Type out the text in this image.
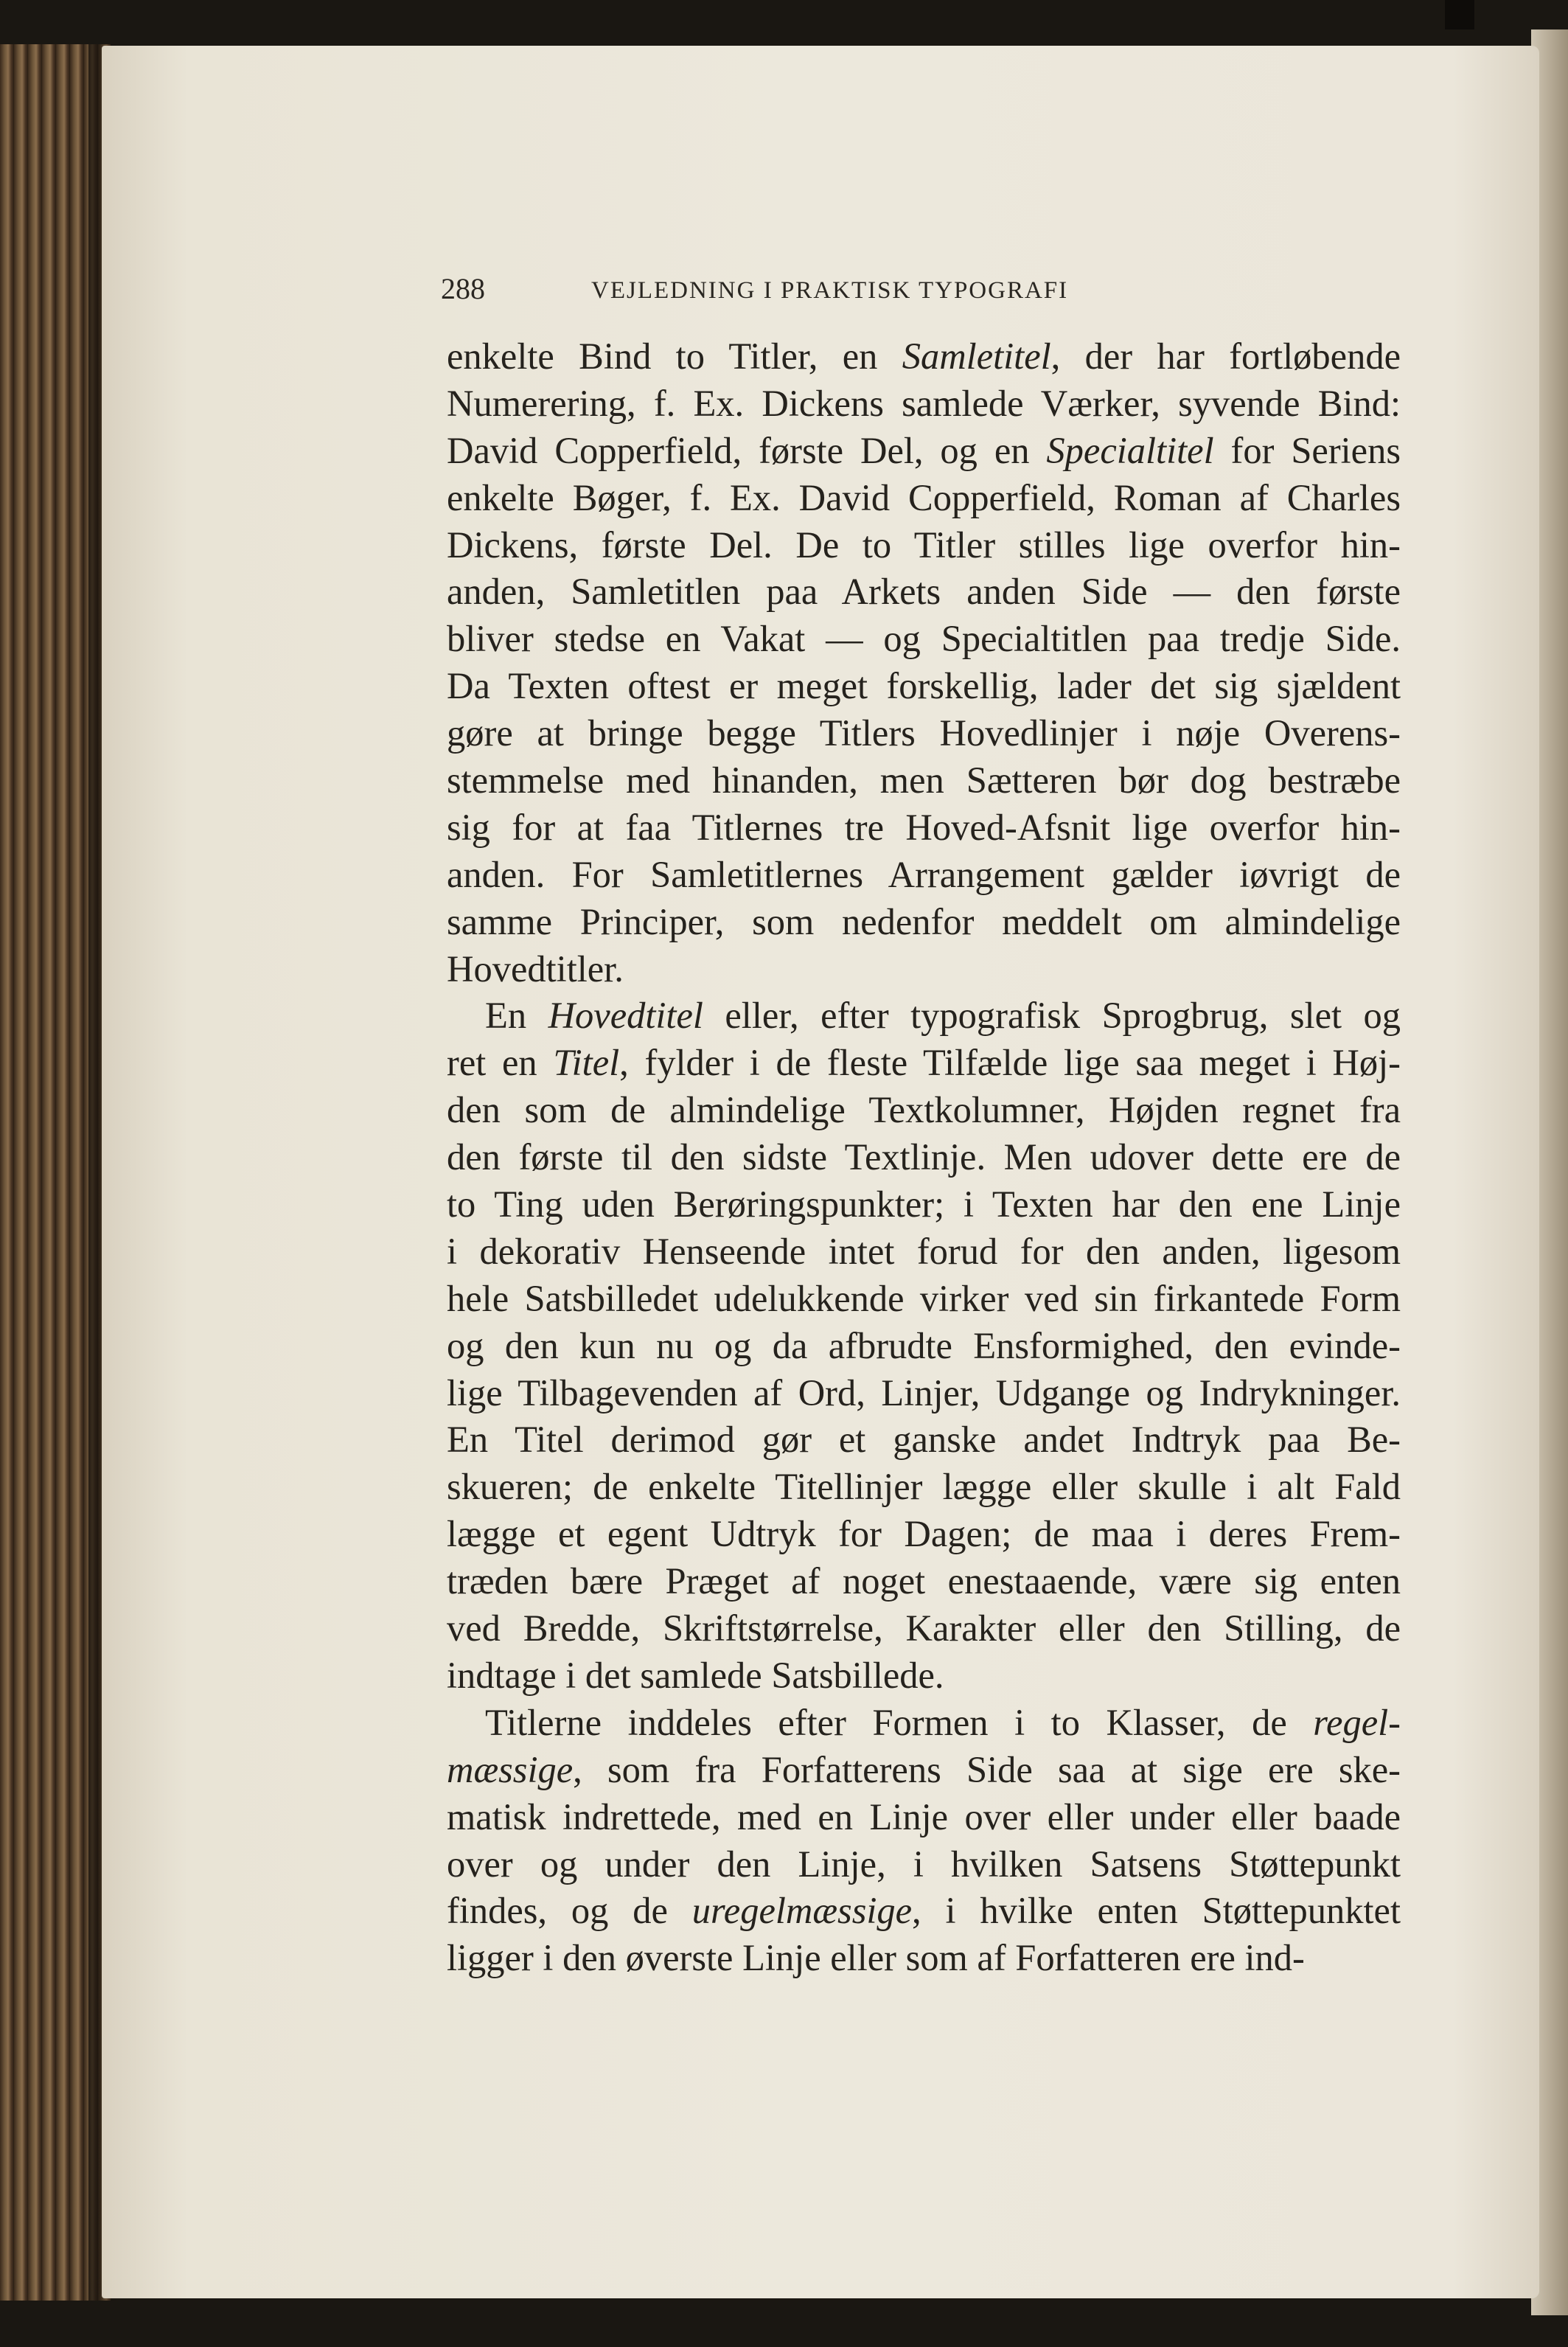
288	VEJLEDNING I PRAKTISK TYPOGRAFI
enkelte Bind to Titler, en Samletitel, der har fortløbende
Numerering, f. Ex. Dickens samlede Værker, syvende Bind:
David Copperfield, første Del, og en Specialtitel for Seriens
enkelte Bøger, f. Ex. David Copperfield, Roman af Charles
Dickens, første Del. De to Titler stilles lige overfor hin-
anden, Samletitlen paa Arkets anden Side — den første
bliver stedse en Vakat — og Specialtitlen paa tredje Side.
Da Texten oftest er meget forskellig, lader det sig sjældent
gøre at bringe begge Titlers Hovedlinjer i nøje Overens-
stemmelse med hinanden, men Sætteren bør dog bestræbe
sig for at faa Titlernes tre Hoved-Afsnit lige overfor hin-
anden. For Samletitlernes Arrangement gælder iøvrigt de
samme Principer, som nedenfor meddelt om almindelige
Hovedtitler.
En Hovedtitel eller, efter typografisk Sprogbrug, slet og
ret en Titel, fylder i de fleste Tilfælde lige saa meget i Høj-
den som de almindelige Textkolumner, Højden regnet fra
den første til den sidste Textlinje. Men udover dette ere de
to Ting uden Berøringspunkter; i Texten har den ene Linje
i dekorativ Henseende intet forud for den anden, ligesom
hele Satsbilledet udelukkende virker ved sin firkantede Form
og den kun nu og da afbrudte Ensformighed, den evinde-
lige Tilbagevenden af Ord, Linjer, Udgange og Indrykninger.
En Titel derimod gør et ganske andet Indtryk paa Be-
skueren; de enkelte Titellinjer lægge eller skulle i alt Fald
lægge et egent Udtryk for Dagen; de maa i deres Frem-
træden bære Præget af noget enestaaende, være sig enten
ved Bredde, Skriftstørrelse, Karakter eller den Stilling, de
indtage i det samlede Satsbillede.
Titlerne inddeles efter Formen i to Klasser, de regel-
mæssige, som fra Forfatterens Side saa at sige ere ske-
matisk indrettede, med en Linje over eller under eller baade
over og under den Linje, i hvilken Satsens Støttepunkt
findes, og de uregelmæssige, i hvilke enten Støttepunktet
ligger i den øverste Linje eller som af Forfatteren ere ind-
